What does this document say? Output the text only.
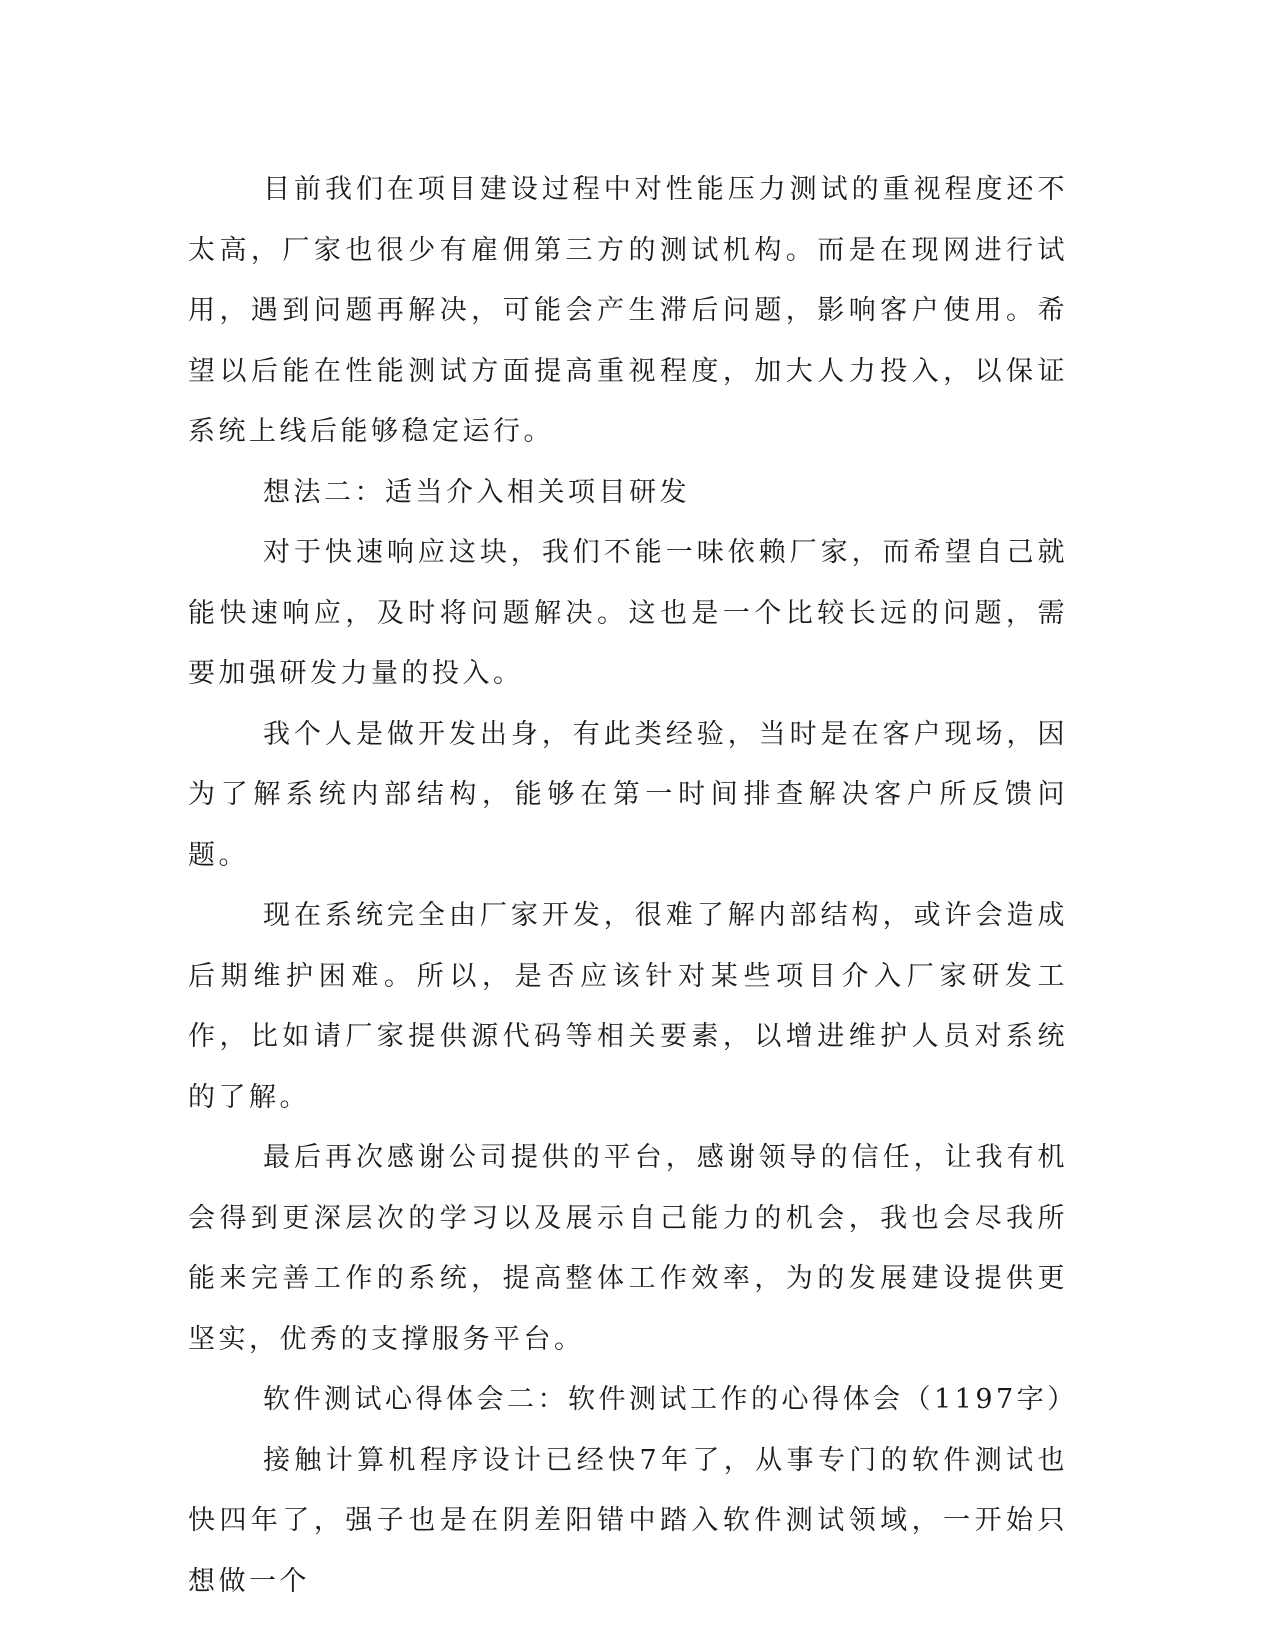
目前我们在项目建设过程中对性能压力测试的重视程度还不太高，厂家也很少有雇佣第三方的测试机构。而是在现网进行试用，遇到问题再解决，可能会产生滞后问题，影响客户使用。希望以后能在性能测试方面提高重视程度，加大人力投入，以保证系统上线后能够稳定运行。

想法二：适当介入相关项目研发

对于快速响应这块，我们不能一味依赖厂家，而希望自己就能快速响应，及时将问题解决。这也是一个比较长远的问题，需要加强研发力量的投入。

我个人是做开发出身，有此类经验，当时是在客户现场，因为了解系统内部结构，能够在第一时间排查解决客户所反馈问题。

现在系统完全由厂家开发，很难了解内部结构，或许会造成后期维护困难。所以，是否应该针对某些项目介入厂家研发工作，比如请厂家提供源代码等相关要素，以增进维护人员对系统的了解。

最后再次感谢公司提供的平台，感谢领导的信任，让我有机会得到更深层次的学习以及展示自己能力的机会，我也会尽我所能来完善工作的系统，提高整体工作效率，为的发展建设提供更坚实，优秀的支撑服务平台。

软件测试心得体会二：软件测试工作的心得体会（1197字）

接触计算机程序设计已经快7年了，从事专门的软件测试也快四年了，强子也是在阴差阳错中踏入软件测试领域，一开始只想做一个
